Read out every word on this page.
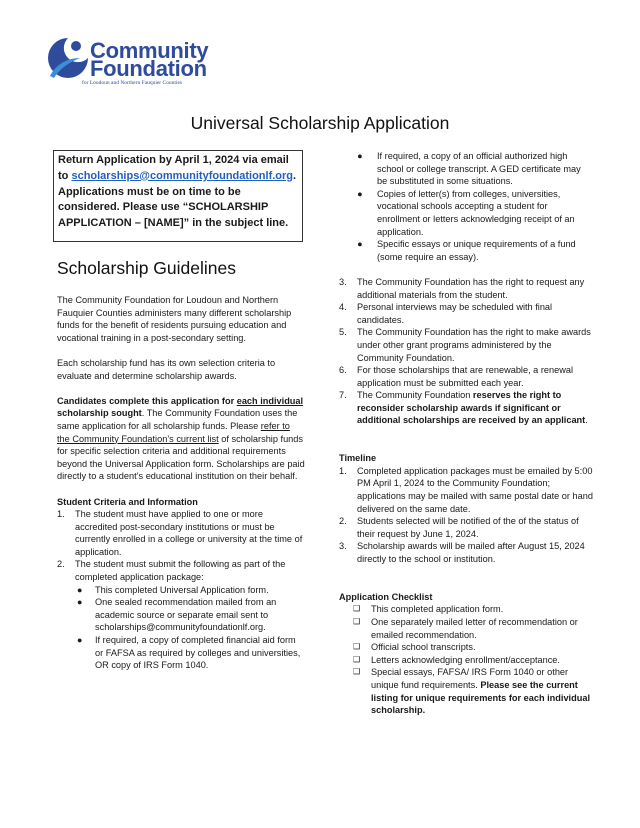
Community
Foundation
for Loudoun and Northern Fauquier Counties
Universal Scholarship Application
Return Application by April 1, 2024 via email to scholarships@communityfoundationlf.org. Applications must be on time to be considered. Please use “SCHOLARSHIP APPLICATION – [NAME]” in the subject line.
Scholarship Guidelines

The Community Foundation for Loudoun and Northern Fauquier Counties administers many different scholarship funds for the benefit of residents pursuing education and vocational training in a post-secondary setting.

Each scholarship fund has its own selection criteria to evaluate and determine scholarship awards.

Candidates complete this application for each individual scholarship sought. The Community Foundation uses the same application for all scholarship funds. Please refer to the Community Foundation’s current list of scholarship funds for specific selection criteria and additional requirements beyond the Universal Application form. Scholarships are paid directly to a student’s educational institution on their behalf.

Student Criteria and Information

1.	The student must have applied to one or more accredited post-secondary institutions or must be currently enrolled in a college or university at the time of application.
2.	The student must submit the following as part of the completed application package:
●	This completed Universal Application form.
●	One sealed recommendation mailed from an academic source or separate email sent to scholarships@communityfoundationlf.org.
●	If required, a copy of completed financial aid form or FAFSA as required by colleges and universities, OR copy of IRS Form 1040.
●	If required, a copy of an official authorized high school or college transcript. A GED certificate may be substituted in some situations.
●	Copies of letter(s) from colleges, universities, vocational schools accepting a student for enrollment or letters acknowledging receipt of an application.
●	Specific essays or unique requirements of a fund (some require an essay).
3.	The Community Foundation has the right to request any additional materials from the student.
4.	Personal interviews may be scheduled with final candidates.
5.	The Community Foundation has the right to make awards under other grant programs administered by the Community Foundation.
6.	For those scholarships that are renewable, a renewal application must be submitted each year.
7.	The Community Foundation reserves the right to reconsider scholarship awards if significant or additional scholarships are received by an applicant.

Timeline

1.	Completed application packages must be emailed by 5:00 PM April 1, 2024 to the Community Foundation; applications may be mailed with same postal date or hand delivered on the same date.
2.	Students selected will be notified of the of the status of their request by June 1, 2024.
3.	Scholarship awards will be mailed after August 15, 2024 directly to the school or institution.

Application Checklist

❑	This completed application form.
❑	One separately mailed letter of recommendation or emailed recommendation.
❑	Official school transcripts.
❑	Letters acknowledging enrollment/acceptance.
❑	Special essays, FAFSA/ IRS Form 1040 or other unique fund requirements. Please see the current listing for unique requirements for each individual scholarship.
